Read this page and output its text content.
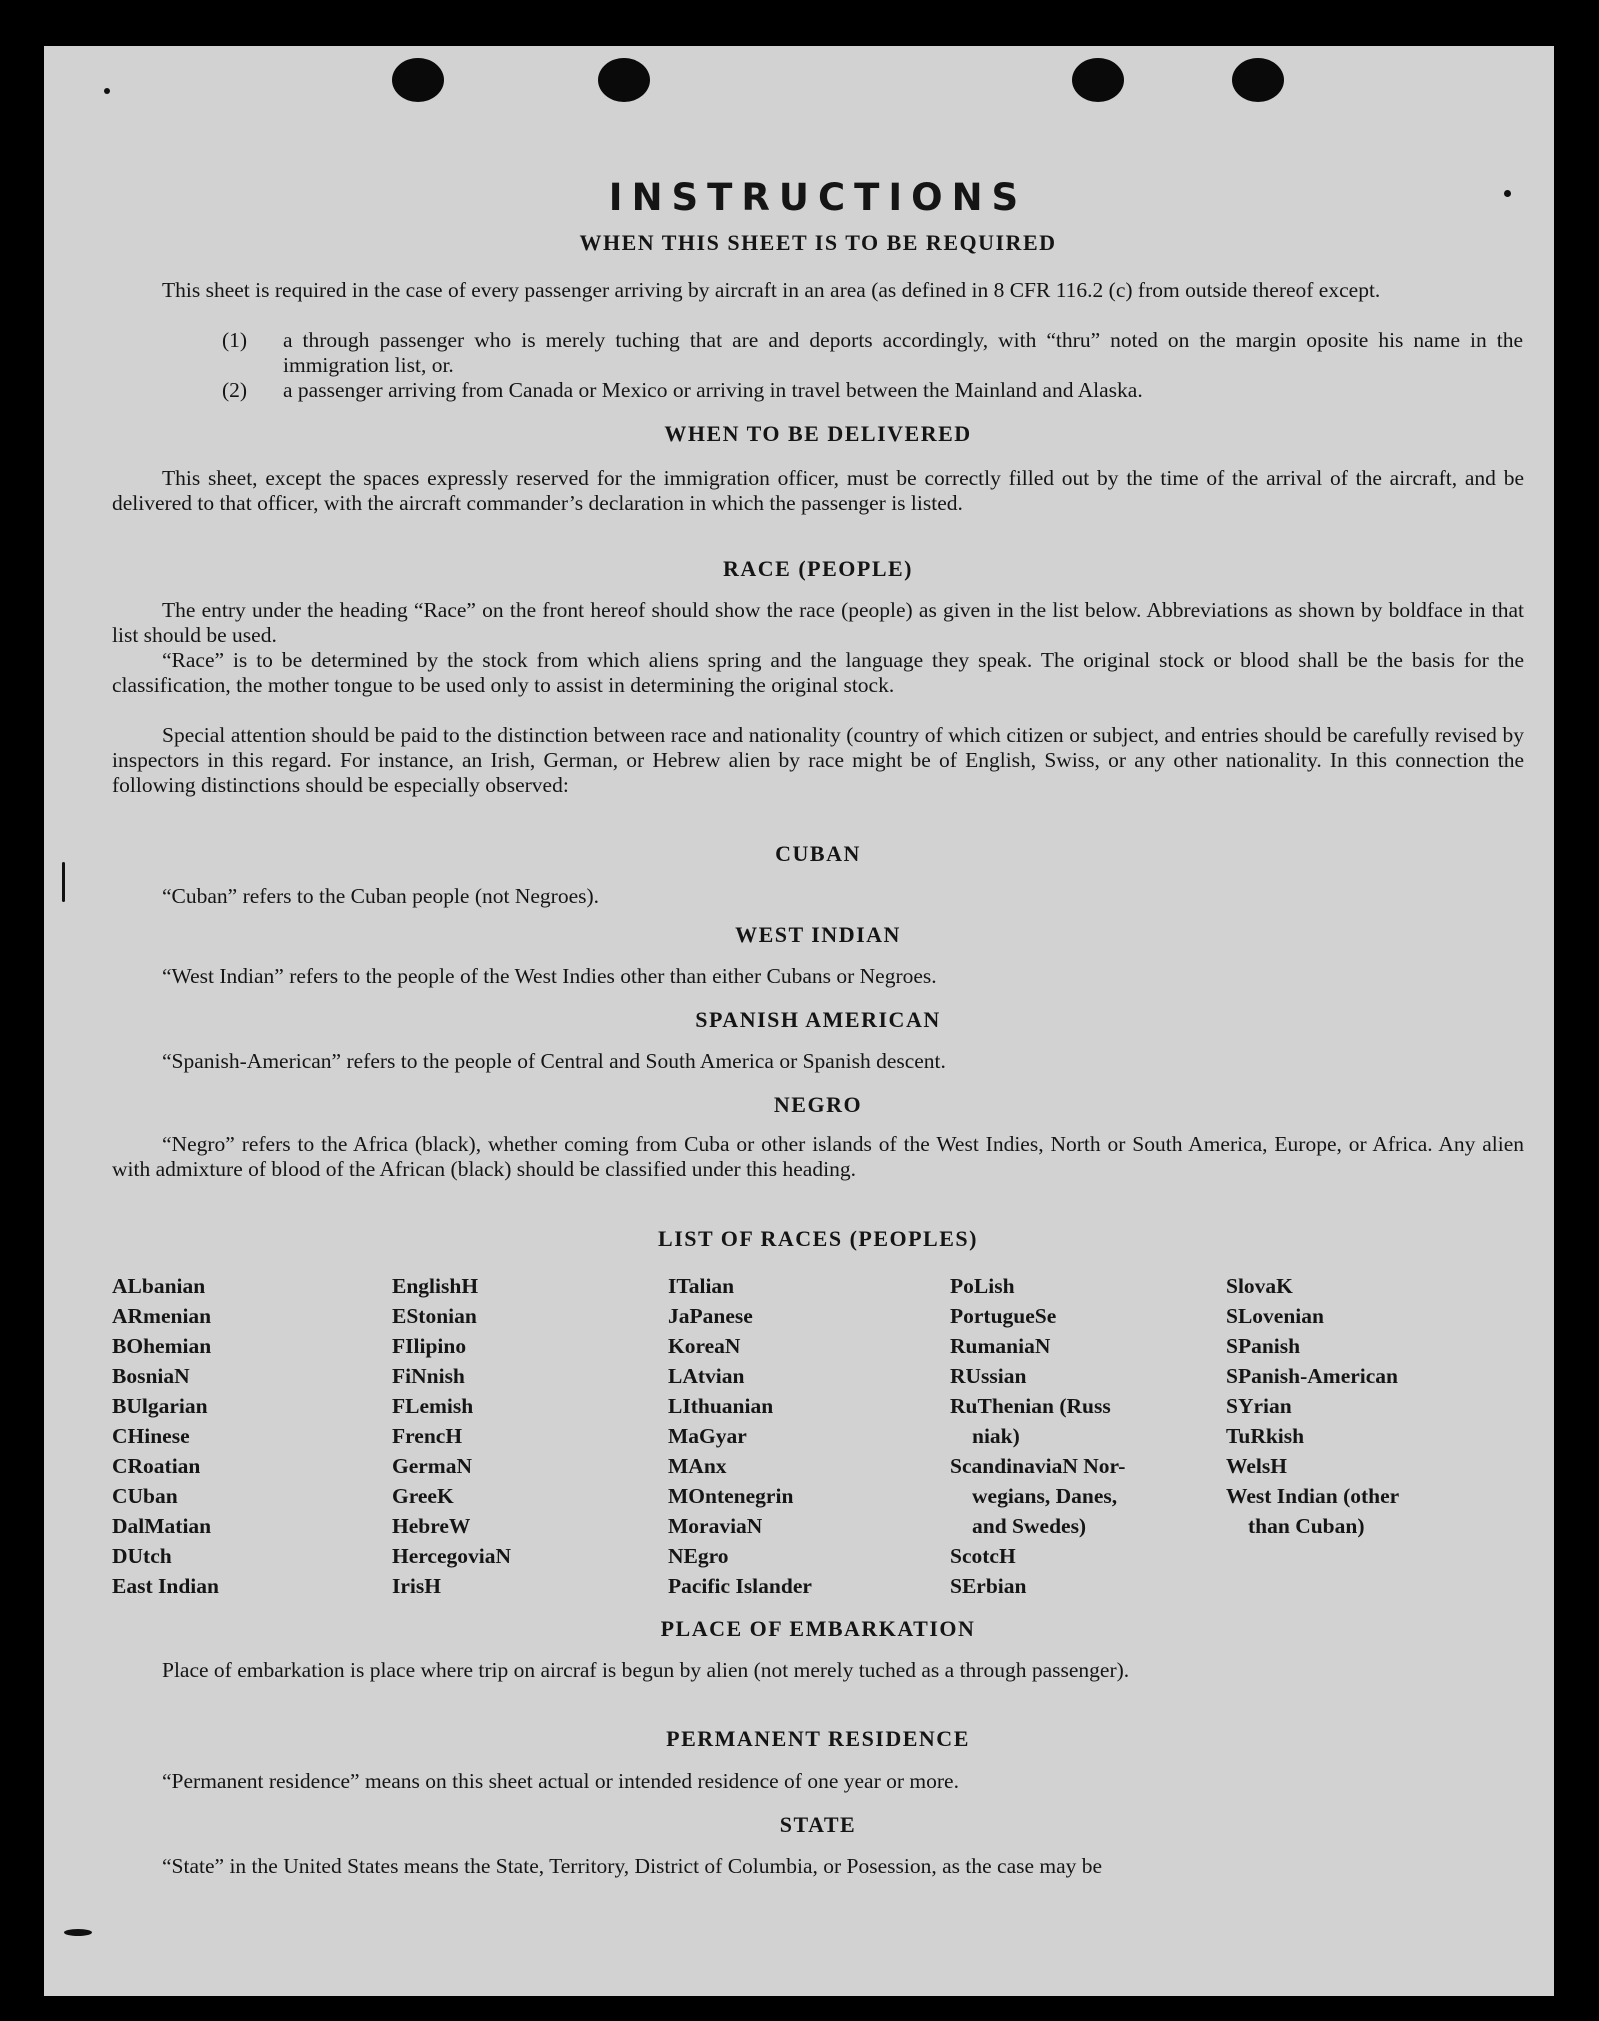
INSTRUCTIONS
WHEN THIS SHEET IS TO BE REQUIRED

This sheet is required in the case of every passenger arriving by aircraft in an area (as defined in 8 CFR 116.2 (c) from outside thereof except.

(1) a through passenger who is merely tuching that are and deports accordingly, with “thru” noted on the margin oposite his name in the immigration list, or.
(2) a passenger arriving from Canada or Mexico or arriving in travel between the Mainland and Alaska.
WHEN TO BE DELIVERED

This sheet, except the spaces expressly reserved for the immigration officer, must be correctly filled out by the time of the arrival of the aircraft, and be delivered to that officer, with the aircraft commander’s declaration in which the passenger is listed.

RACE (PEOPLE)

The entry under the heading “Race” on the front hereof should show the race (people) as given in the list below. Abbreviations as shown by boldface in that list should be used.

“Race” is to be determined by the stock from which aliens spring and the language they speak. The original stock or blood shall be the basis for the classification, the mother tongue to be used only to assist in determining the original stock.

Special attention should be paid to the distinction between race and nationality (country of which citizen or subject, and entries should be carefully revised by inspectors in this regard. For instance, an Irish, German, or Hebrew alien by race might be of English, Swiss, or any other nationality. In this connection the following distinctions should be especially observed:

CUBAN

“Cuban” refers to the Cuban people (not Negroes).

WEST INDIAN

“West Indian” refers to the people of the West Indies other than either Cubans or Negroes.

SPANISH AMERICAN

“Spanish-American” refers to the people of Central and South America or Spanish descent.

NEGRO

“Negro” refers to the Africa (black), whether coming from Cuba or other islands of the West Indies, North or South America, Europe, or Africa. Any alien with admixture of blood of the African (black) should be classified under this heading.

LIST OF RACES (PEOPLES)
ALbanian
ARmenian
BOhemian
BosniaN
BUlgarian
CHinese
CRoatian
CUban
DalMatian
DUtch
East Indian
EnglishH
EStonian
FIlipino
FiNnish
FLemish
FrencH
GermaN
GreeK
HebreW
HercegoviaN
IrisH
ITalian
JaPanese
KoreaN
LAtvian
LIthuanian
MaGyar
MAnx
MOntenegrin
MoraviaN
NEgro
Pacific Islander
PoLish
PortugueSe
RumaniaN
RUssian
RuThenian (Russ
niak)
ScandinaviaN Nor-
wegians, Danes,
and Swedes)
ScotcH
SErbian
SlovaK
SLovenian
SPanish
SPanish-American
SYrian
TuRkish
WelsH
West Indian (other
than Cuban)
PLACE OF EMBARKATION

Place of embarkation is place where trip on aircraf is begun by alien (not merely tuched as a through passenger).

PERMANENT RESIDENCE

“Permanent residence” means on this sheet actual or intended residence of one year or more.

STATE

“State” in the United States means the State, Territory, District of Columbia, or Posession, as the case may be
